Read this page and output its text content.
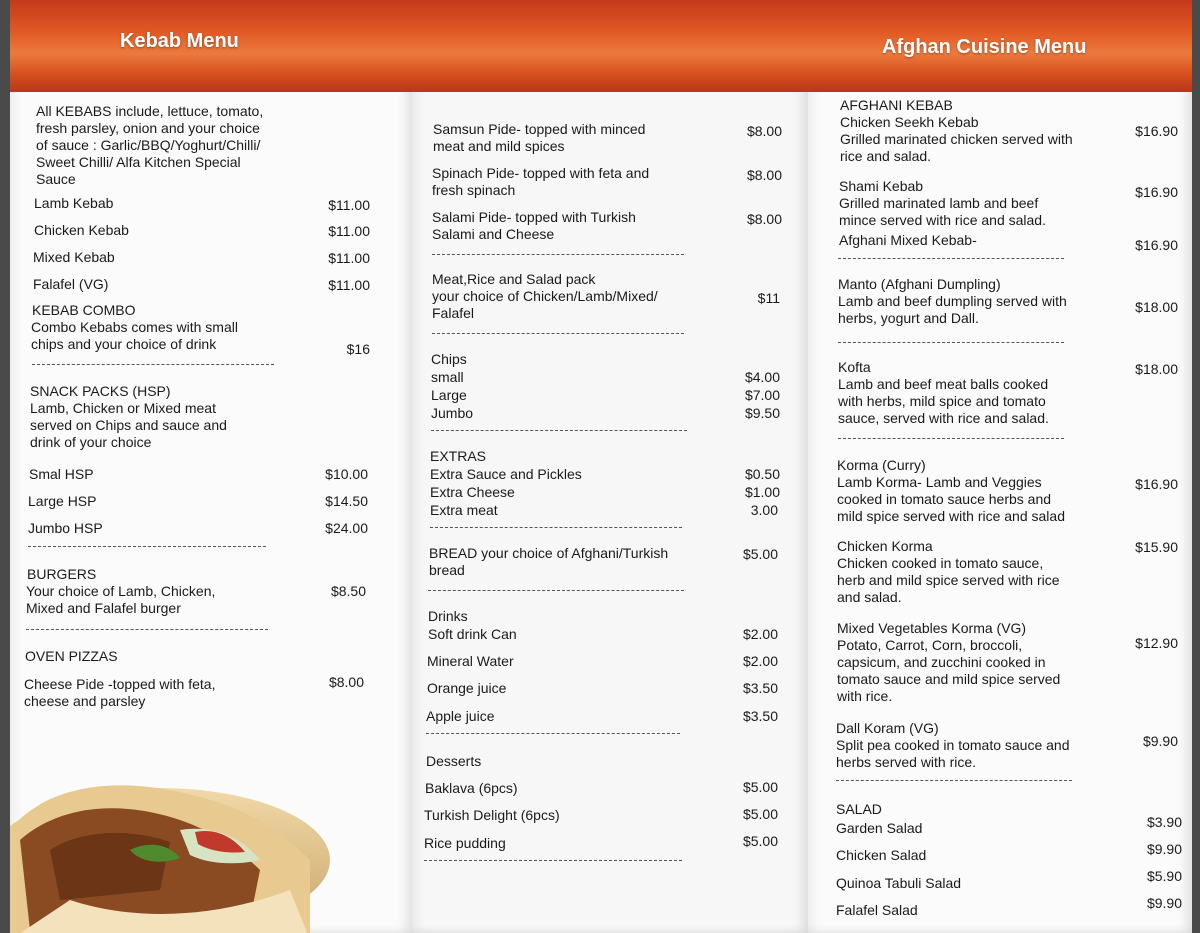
Kebab Menu
All KEBABS include, lettuce, tomato,
fresh parsley, onion and your choice
of sauce : Garlic/BBQ/Yoghurt/Chilli/
Sweet Chilli/ Alfa Kitchen Special
Sauce
Lamb Kebab	$11.00
Chicken Kebab	$11.00
Mixed Kebab	$11.00
Falafel (VG)	$11.00
KEBAB COMBO
Combo Kebabs comes with small
chips and your choice of drink	$16
SNACK PACKS (HSP)
Lamb, Chicken or Mixed meat
served on Chips and sauce and
drink of your choice
Smal HSP	$10.00
Large HSP	$14.50
Jumbo HSP	$24.00
BURGERS
Your choice of Lamb, Chicken,
Mixed and Falafel burger
$8.50
OVEN PIZZAS
Cheese Pide -topped with feta,
cheese and parsley
$8.00
Samsun Pide- topped with minced
meat and mild spices
$8.00
Spinach Pide- topped with feta and
fresh spinach
$8.00
Salami Pide- topped with Turkish
Salami and Cheese
$8.00
Meat,Rice and Salad pack
your choice of Chicken/Lamb/Mixed/
Falafel
$11
Chips
small	$4.00
Large	$7.00
Jumbo	$9.50
EXTRAS
Extra Sauce and Pickles	$0.50
Extra Cheese	$1.00
Extra meat	3.00
BREAD your choice of Afghani/Turkish
bread
$5.00
Drinks
Soft drink Can	$2.00
Mineral Water	$2.00
Orange juice	$3.50
Apple juice	$3.50
Desserts
Baklava (6pcs)	$5.00
Turkish Delight (6pcs)	$5.00
Rice pudding	$5.00
Afghan Cuisine Menu
AFGHANI KEBAB
Chicken Seekh Kebab
Grilled marinated chicken served with
rice and salad.
$16.90
Shami Kebab
Grilled marinated lamb and beef
mince served with rice and salad.
$16.90
Afghani Mixed Kebab-	$16.90
Manto (Afghani Dumpling)
Lamb and beef dumpling served with
herbs, yogurt and Dall.
$18.00
Kofta
Lamb and beef meat balls cooked
with herbs, mild spice and tomato
sauce, served with rice and salad.
$18.00
Korma (Curry)
Lamb Korma- Lamb and Veggies
cooked in tomato sauce herbs and
mild spice served with rice and salad
$16.90
Chicken Korma
Chicken cooked in tomato sauce,
herb and mild spice served with rice
and salad.
$15.90
Mixed Vegetables Korma (VG)
Potato, Carrot, Corn, broccoli,
capsicum, and zucchini cooked in
tomato sauce and mild spice served
with rice.
$12.90
Dall Koram (VG)
Split pea cooked in tomato sauce and
herbs served with rice.
$9.90
SALAD
Garden Salad	$3.90
Chicken Salad	$9.90
Quinoa Tabuli Salad	$5.90
Falafel Salad	$9.90
